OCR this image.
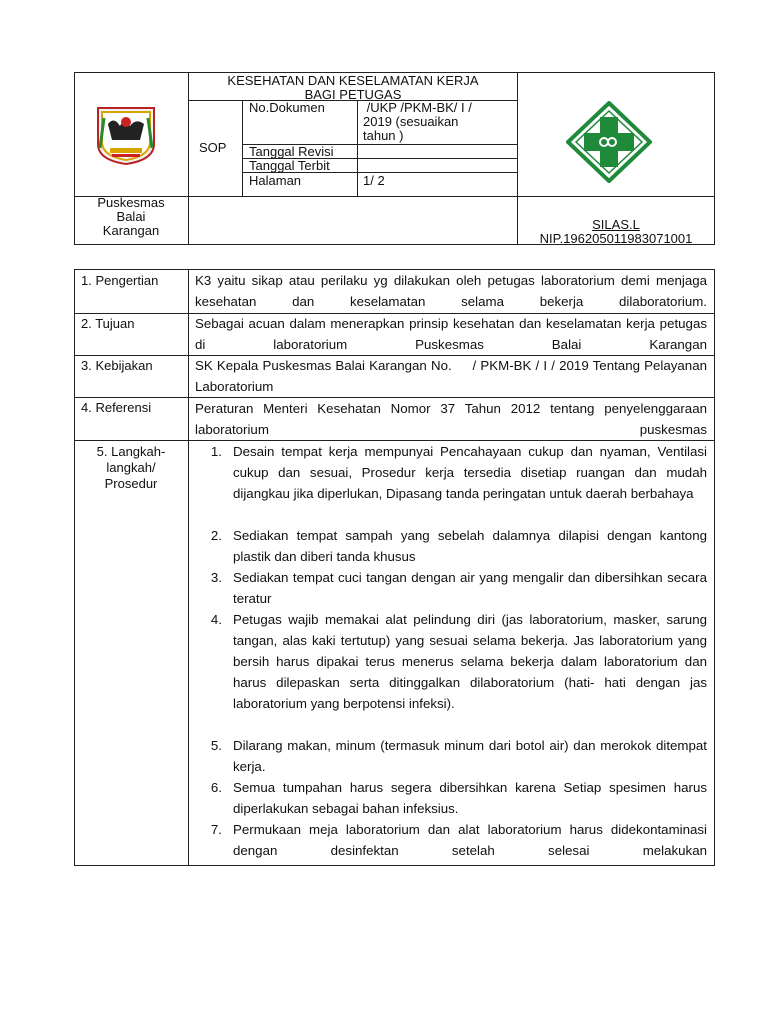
KESEHATAN DAN KESELAMATAN KERJA
BAGI PETUGAS
SOP
No.Dokumen	/UKP /PKM-BK/ I /
2019 (sesuaikan
tahun )
Tanggal Revisi
Tanggal Terbit
Halaman	1/ 2
Puskesmas
Balai
Karangan	SILAS.L
NIP.196205011983071001
1. Pengertian	K3 yaitu sikap atau perilaku yg dilakukan oleh petugas laboratorium demi menjaga kesehatan dan keselamatan selama bekerja dilaboratorium.
2. Tujuan	Sebagai acuan dalam menerapkan prinsip kesehatan dan keselamatan kerja petugas di laboratorium Puskesmas Balai Karangan
3. Kebijakan	SK Kepala Puskesmas Balai Karangan No.     / PKM-BK / I / 2019 Tentang Pelayanan Laboratorium
4. Referensi	Peraturan Menteri Kesehatan Nomor 37 Tahun 2012 tentang penyelenggaraan laboratorium puskesmas
5. Langkah-
langkah/
Prosedur
1. Desain tempat kerja mempunyai Pencahayaan cukup dan nyaman, Ventilasi cukup dan sesuai, Prosedur kerja tersedia disetiap ruangan dan mudah dijangkau jika diperlukan, Dipasang tanda peringatan untuk daerah berbahaya
2. Sediakan tempat sampah yang sebelah dalamnya dilapisi dengan kantong plastik dan diberi tanda khusus
3. Sediakan tempat cuci tangan dengan air yang mengalir dan dibersihkan secara teratur
4. Petugas wajib memakai alat pelindung diri (jas laboratorium, masker, sarung tangan, alas kaki tertutup) yang sesuai selama bekerja. Jas laboratorium yang bersih harus dipakai terus menerus selama bekerja dalam laboratorium dan harus dilepaskan serta ditinggalkan dilaboratorium (hati- hati dengan jas laboratorium yang berpotensi infeksi).
5. Dilarang makan, minum (termasuk minum dari botol air) dan merokok ditempat kerja.
6. Semua tumpahan harus segera dibersihkan karena Setiap spesimen harus diperlakukan sebagai bahan infeksius.
7. Permukaan meja laboratorium dan alat laboratorium harus didekontaminasi dengan desinfektan setelah selesai melakukan
